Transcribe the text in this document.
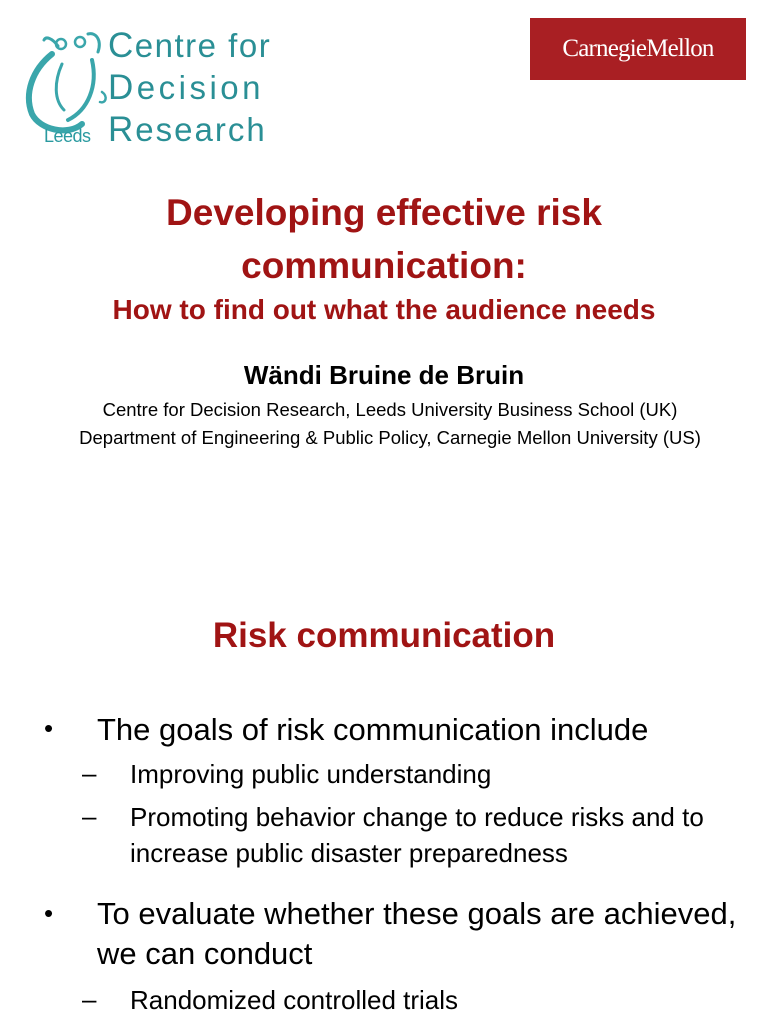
Leeds
Centre for
Decision
Research
CarnegieMellon
Developing effective risk
communication:
How to find out what the audience needs
Wändi Bruine de Bruin
Centre for Decision Research, Leeds University Business School (UK)
Department of Engineering & Public Policy, Carnegie Mellon University (US)
Risk communication
• The goals of risk communication include
– Improving public understanding
– Promoting behavior change to reduce risks and to increase public disaster preparedness
• To evaluate whether these goals are achieved, we can conduct
– Randomized controlled trials
